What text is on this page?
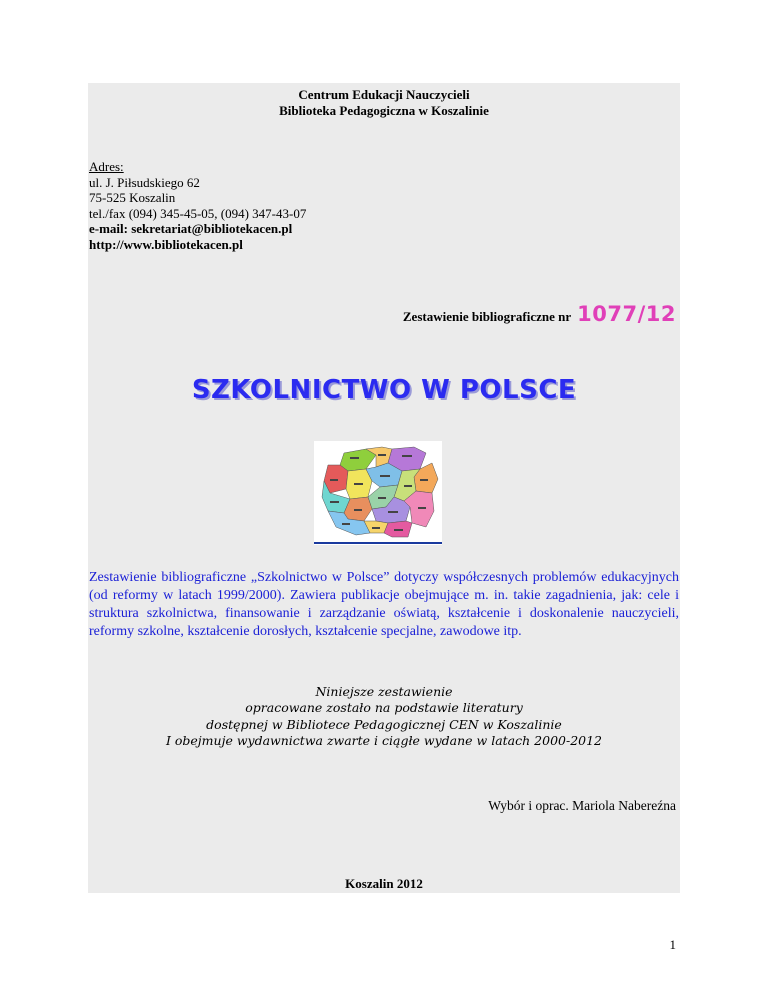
Centrum Edukacji Nauczycieli
Biblioteka Pedagogiczna w Koszalinie
Adres:
ul. J. Piłsudskiego 62
75-525 Koszalin
tel./fax (094) 345-45-05, (094) 347-43-07
e-mail: sekretariat@bibliotekacen.pl
http://www.bibliotekacen.pl
Zestawienie bibliograficzne nr 1077/12
SZKOLNICTWO W POLSCE
Zestawienie bibliograficzne „Szkolnictwo w Polsce” dotyczy współczesnych problemów edukacyjnych (od reformy w latach 1999/2000). Zawiera publikacje obejmujące m. in. takie zagadnienia, jak: cele i struktura szkolnictwa, finansowanie i zarządzanie oświatą, kształcenie i doskonalenie nauczycieli, reformy szkolne, kształcenie dorosłych, kształcenie specjalne, zawodowe itp.
Niniejsze zestawienie
opracowane zostało na podstawie literatury
dostępnej w Bibliotece Pedagogicznej CEN w Koszalinie
I obejmuje wydawnictwa zwarte i ciągłe wydane w latach 2000-2012
Wybór i oprac. Mariola Nabereźna
Koszalin 2012
1
